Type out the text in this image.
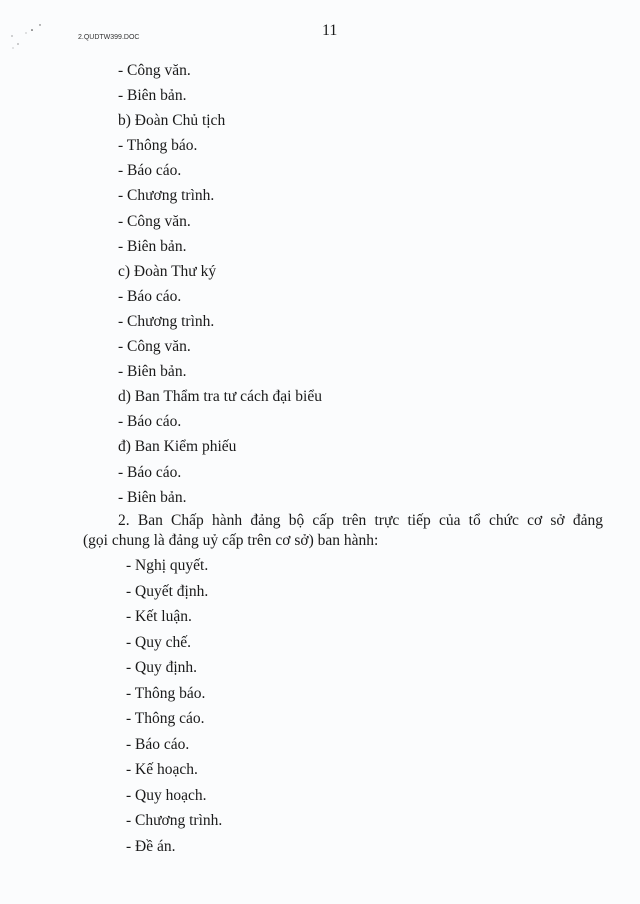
2.QUDTW399.DOC	11
- Công văn.
- Biên bản.
b) Đoàn Chủ tịch
- Thông báo.
- Báo cáo.
- Chương trình.
- Công văn.
- Biên bản.
c) Đoàn Thư ký
- Báo cáo.
- Chương trình.
- Công văn.
- Biên bản.
d) Ban Thẩm tra tư cách đại biểu
- Báo cáo.
đ) Ban Kiểm phiếu
- Báo cáo.
- Biên bản.
2. Ban Chấp hành đảng bộ cấp trên trực tiếp của tổ chức cơ sở đảng
(gọi chung là đảng uỷ cấp trên cơ sở) ban hành:
- Nghị quyết.
- Quyết định.
- Kết luận.
- Quy chế.
- Quy định.
- Thông báo.
- Thông cáo.
- Báo cáo.
- Kế hoạch.
- Quy hoạch.
- Chương trình.
- Đề án.
